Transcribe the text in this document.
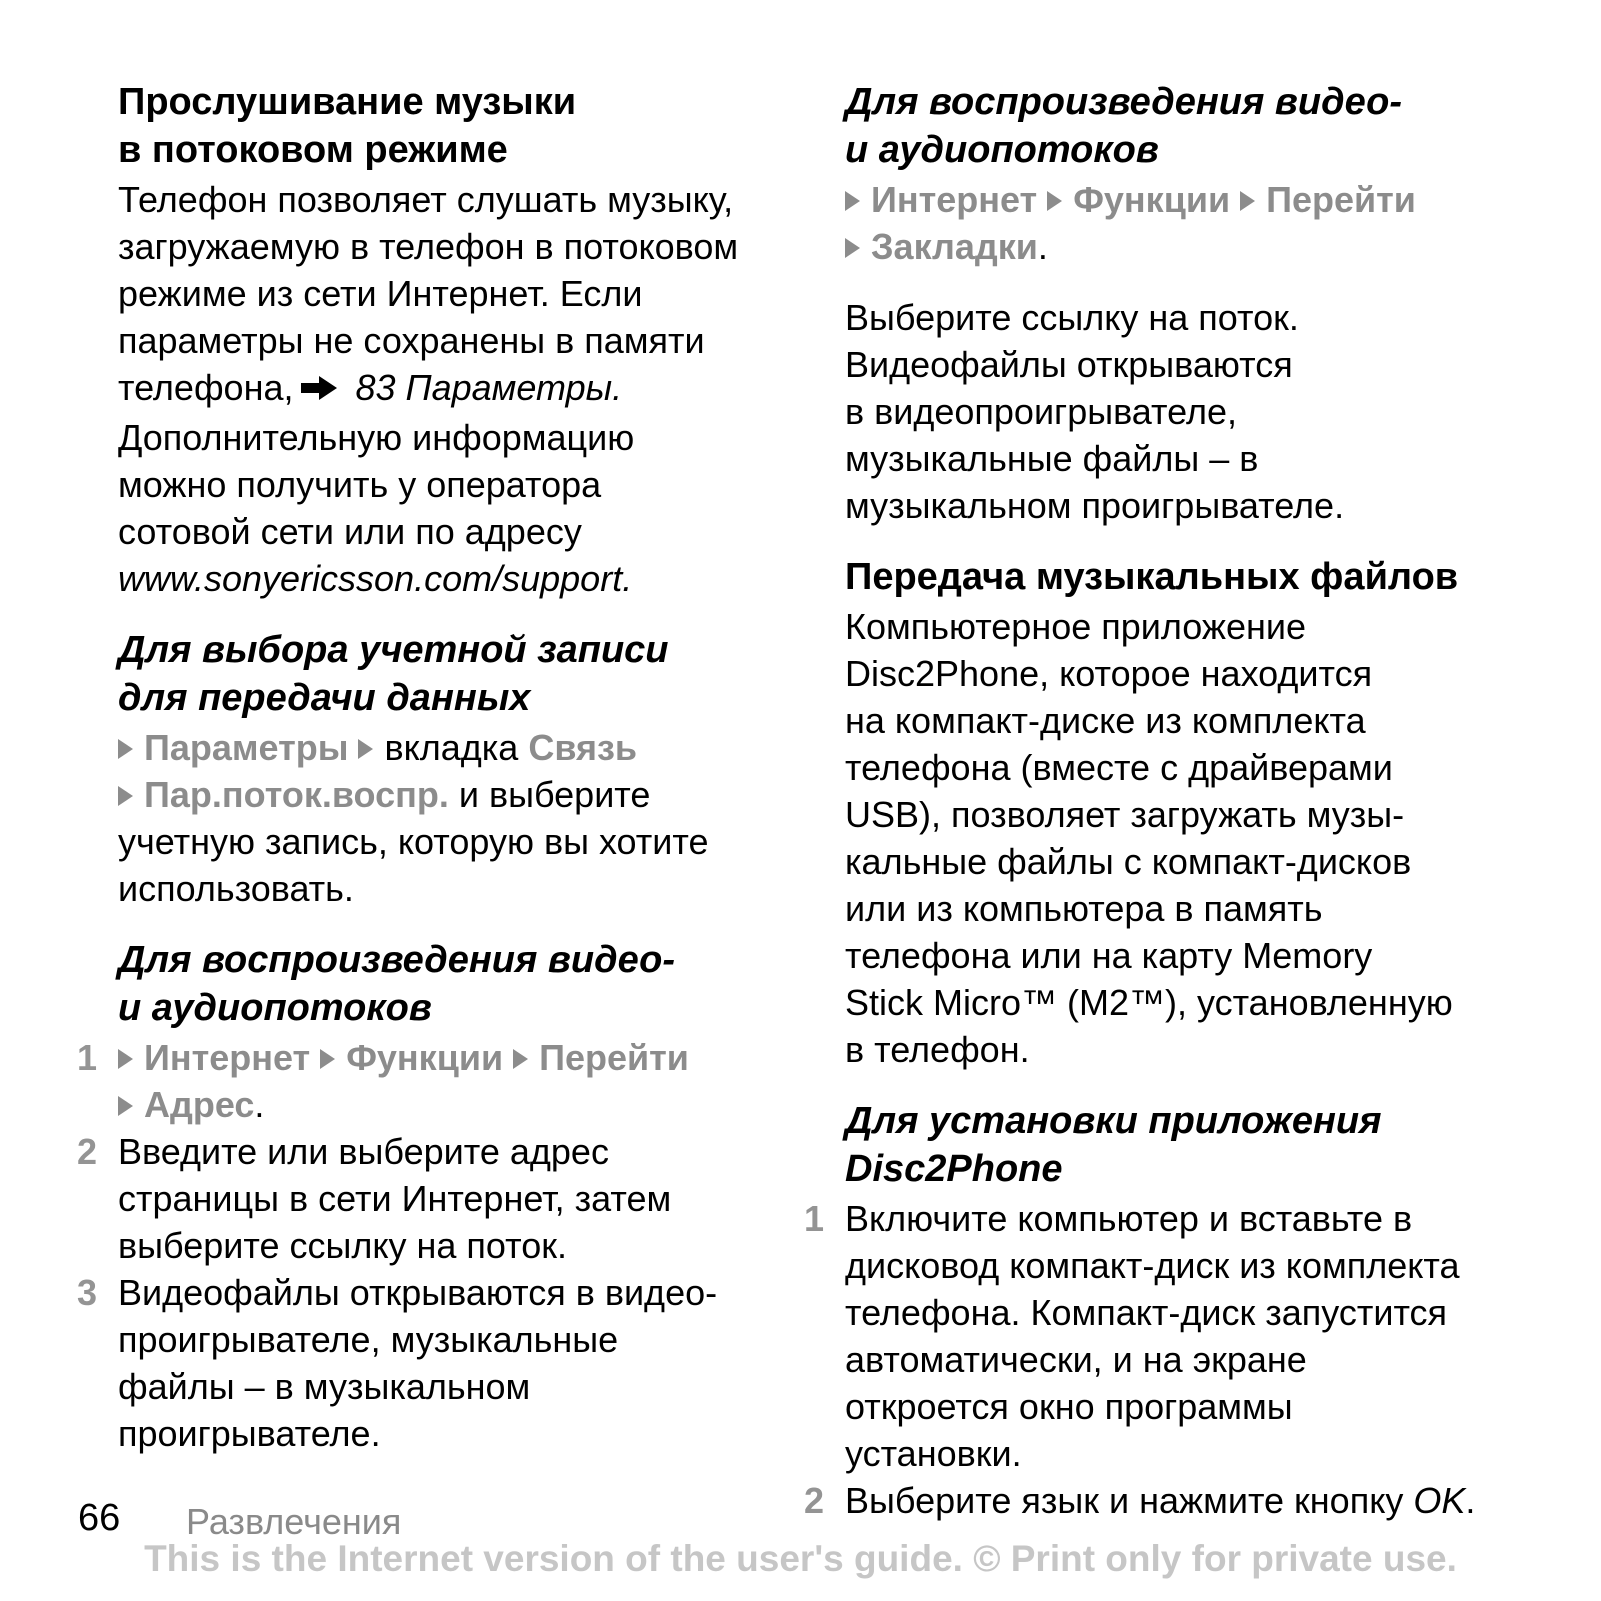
Прослушивание музыки
в потоковом режиме
Телефон позволяет слушать музыку,
загружаемую в телефон в потоковом
режиме из сети Интернет. Если
параметры не сохранены в памяти
телефона, 83 Параметры.
Дополнительную информацию
можно получить у оператора
сотовой сети или по адресу
www.sonyericsson.com/support.
Для выбора учетной записи
для передачи данных
Параметры вкладка Связь
Пар.поток.воспр. и выберите
учетную запись, которую вы хотите
использовать.
Для воспроизведения видео-
и аудиопотоков
1	Интернет Функции Перейти
Адрес.
2 Введите или выберите адрес
страницы в сети Интернет, затем
выберите ссылку на поток.
3 Видеофайлы открываются в видео-
проигрывателе, музыкальные
файлы – в музыкальном
проигрывателе.
Для воспроизведения видео-
и аудиопотоков
Интернет Функции Перейти
Закладки.
Выберите ссылку на поток.
Видеофайлы открываются
в видеопроигрывателе,
музыкальные файлы – в
музыкальном проигрывателе.
Передача музыкальных файлов
Компьютерное приложение
Disc2Phone, которое находится
на компакт-диске из комплекта
телефона (вместе с драйверами
USB), позволяет загружать музы-
кальные файлы с компакт-дисков
или из компьютера в память
телефона или на карту Memory
Stick Micro™ (M2™), установленную
в телефон.
Для установки приложения
Disc2Phone
1 Включите компьютер и вставьте в
дисковод компакт-диск из комплекта
телефона. Компакт-диск запустится
автоматически, и на экране
откроется окно программы
установки.
2 Выберите язык и нажмите кнопку OK.
66 Развлечения
This is the Internet version of the user's guide. © Print only for private use.
